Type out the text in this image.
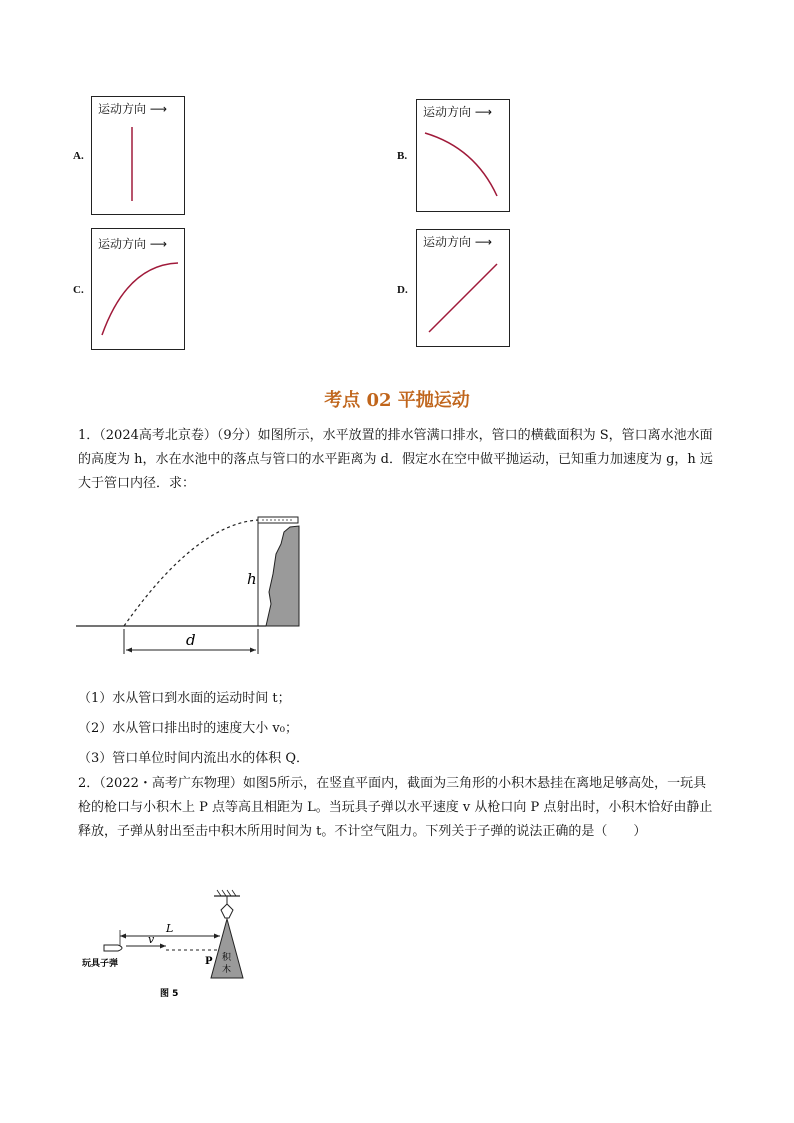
A.
运动方向 ⟶
B.
运动方向 ⟶
C.
运动方向 ⟶
D.
运动方向 ⟶
考点 02 平抛运动
1．（2024高考北京卷）（9分）如图所示，水平放置的排水管满口排水，管口的横截面积为 S，管口离水池水面的高度为 h，水在水池中的落点与管口的水平距离为 d．假定水在空中做平抛运动，已知重力加速度为 g，h 远大于管口内径．求：
h
d
（1）水从管口到水面的运动时间 t；
（2）水从管口排出时的速度大小 v₀；
（3）管口单位时间内流出水的体积 Q．
2．（2022・高考广东物理）如图5所示，在竖直平面内，截面为三角形的小积木悬挂在离地足够高处，一玩具枪的枪口与小积木上 P 点等高且相距为 L。当玩具子弹以水平速度 v 从枪口向 P 点射出时，小积木恰好由静止释放，子弹从射出至击中积木所用时间为 t。不计空气阻力。下列关于子弹的说法正确的是（　　）
L
v
P 积
木
玩具子弹
图 5
